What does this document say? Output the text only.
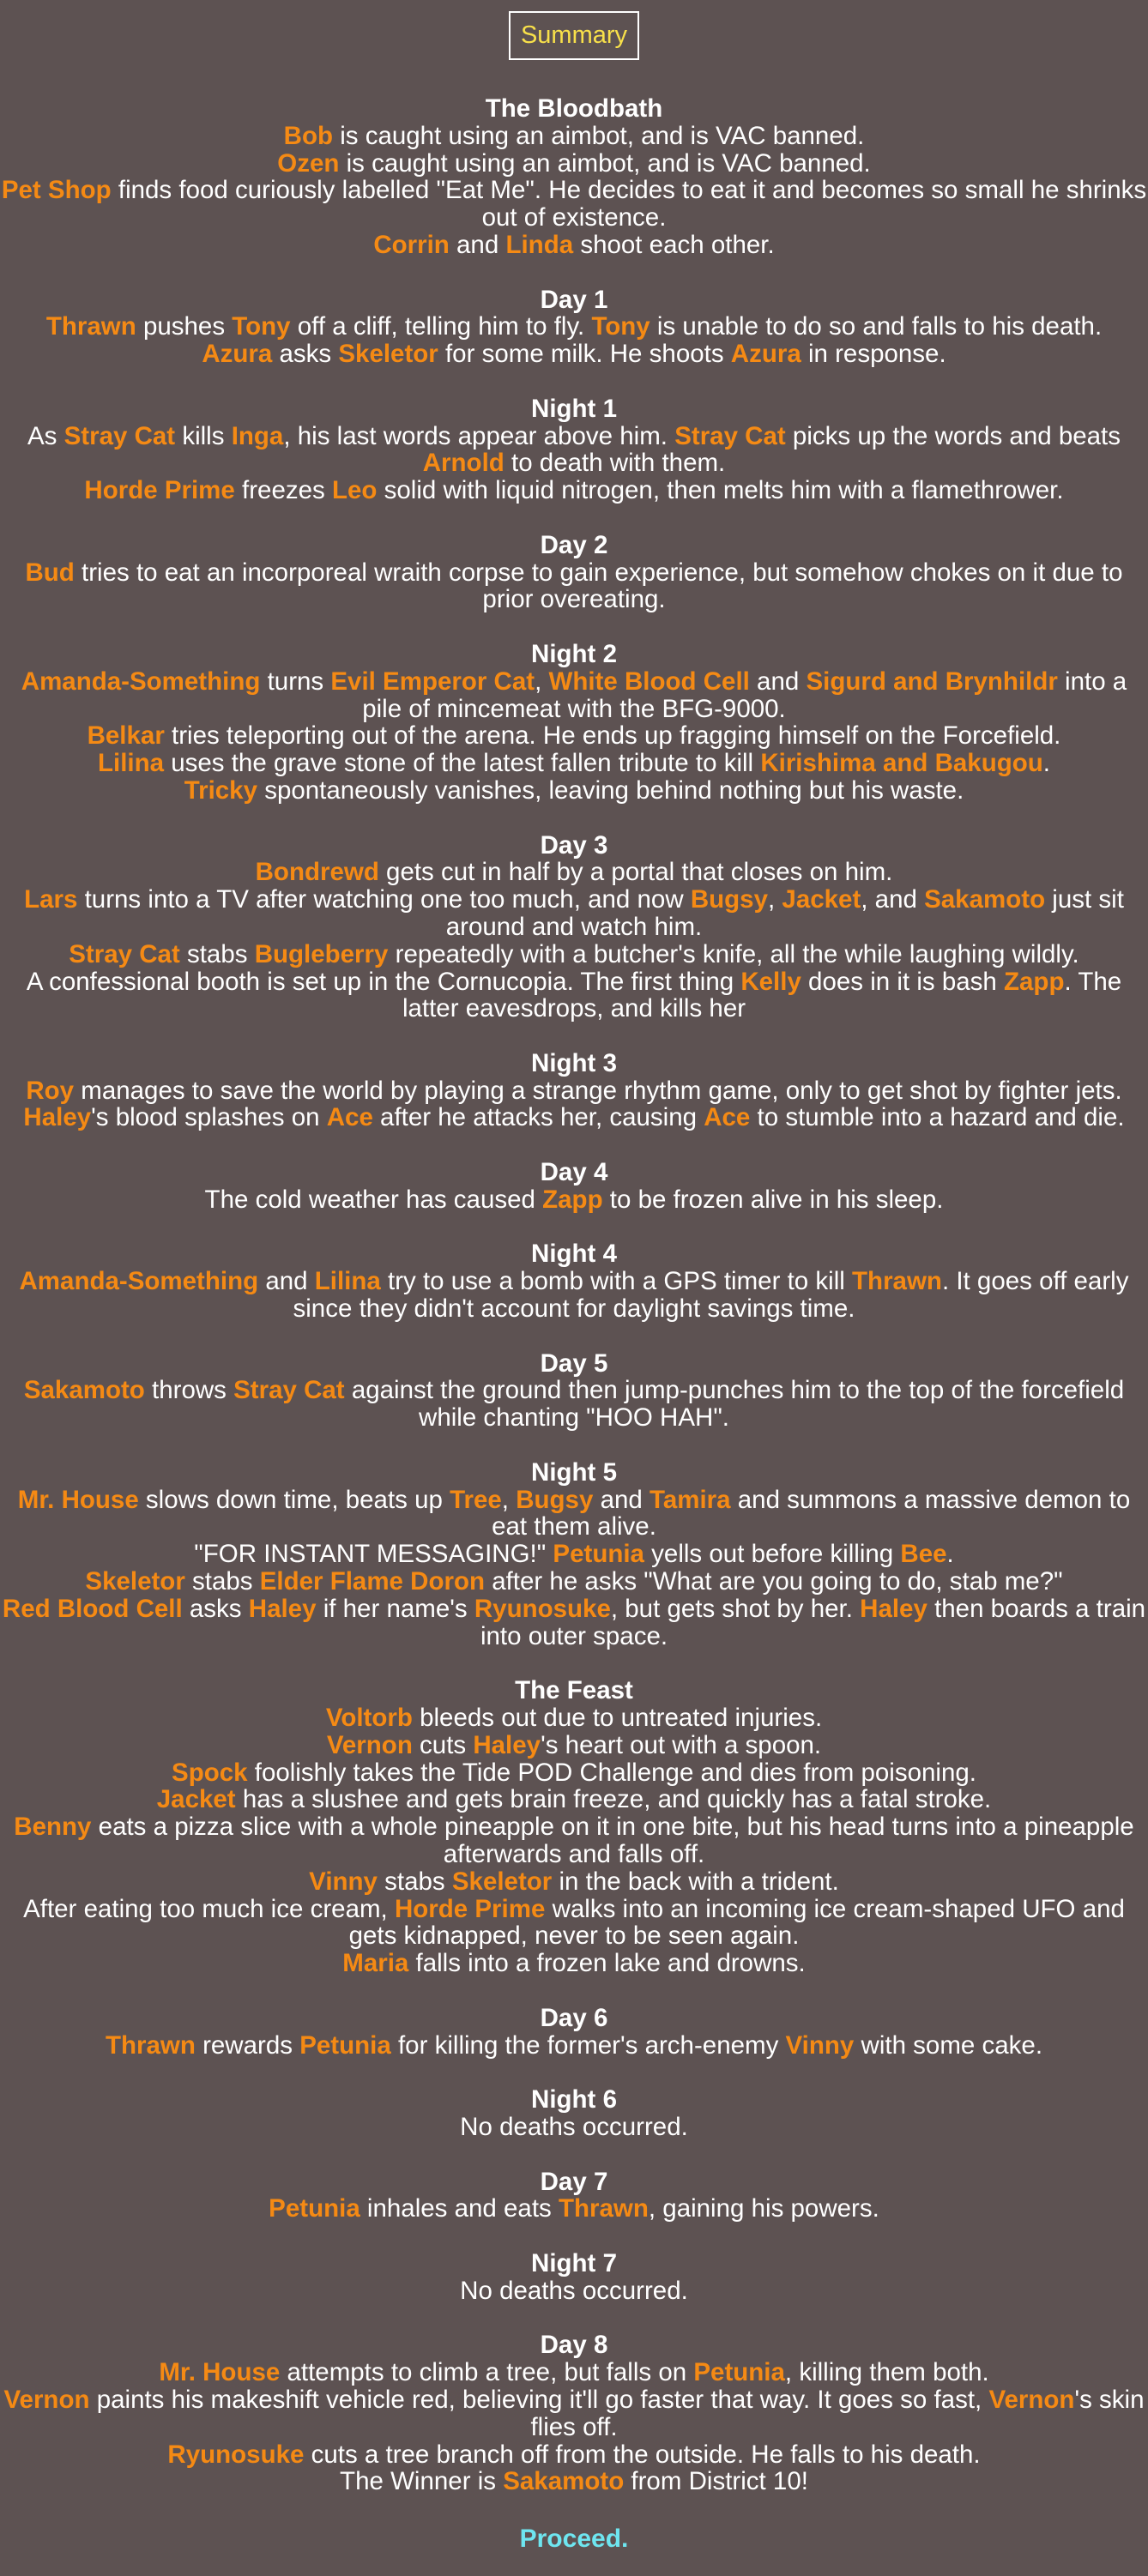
Summary
The Bloodbath
Bob is caught using an aimbot, and is VAC banned.
Ozen is caught using an aimbot, and is VAC banned.
Pet Shop finds food curiously labelled "Eat Me". He decides to eat it and becomes so small he shrinks out of existence.
Corrin and Linda shoot each other.
Day 1
Thrawn pushes Tony off a cliff, telling him to fly. Tony is unable to do so and falls to his death.
Azura asks Skeletor for some milk. He shoots Azura in response.
Night 1
As Stray Cat kills Inga, his last words appear above him. Stray Cat picks up the words and beats Arnold to death with them.
Horde Prime freezes Leo solid with liquid nitrogen, then melts him with a flamethrower.
Day 2
Bud tries to eat an incorporeal wraith corpse to gain experience, but somehow chokes on it due to prior overeating.
Night 2
Amanda-Something turns Evil Emperor Cat, White Blood Cell and Sigurd and Brynhildr into a pile of mincemeat with the BFG-9000.
Belkar tries teleporting out of the arena. He ends up fragging himself on the Forcefield.
Lilina uses the grave stone of the latest fallen tribute to kill Kirishima and Bakugou.
Tricky spontaneously vanishes, leaving behind nothing but his waste.
Day 3
Bondrewd gets cut in half by a portal that closes on him.
Lars turns into a TV after watching one too much, and now Bugsy, Jacket, and Sakamoto just sit around and watch him.
Stray Cat stabs Bugleberry repeatedly with a butcher's knife, all the while laughing wildly.
A confessional booth is set up in the Cornucopia. The first thing Kelly does in it is bash Zapp. The latter eavesdrops, and kills her
Night 3
Roy manages to save the world by playing a strange rhythm game, only to get shot by fighter jets.
Haley's blood splashes on Ace after he attacks her, causing Ace to stumble into a hazard and die.
Day 4
The cold weather has caused Zapp to be frozen alive in his sleep.
Night 4
Amanda-Something and Lilina try to use a bomb with a GPS timer to kill Thrawn. It goes off early since they didn't account for daylight savings time.
Day 5
Sakamoto throws Stray Cat against the ground then jump-punches him to the top of the forcefield while chanting "HOO HAH".
Night 5
Mr. House slows down time, beats up Tree, Bugsy and Tamira and summons a massive demon to eat them alive.
"FOR INSTANT MESSAGING!" Petunia yells out before killing Bee.
Skeletor stabs Elder Flame Doron after he asks "What are you going to do, stab me?"
Red Blood Cell asks Haley if her name's Ryunosuke, but gets shot by her. Haley then boards a train into outer space.
The Feast
Voltorb bleeds out due to untreated injuries.
Vernon cuts Haley's heart out with a spoon.
Spock foolishly takes the Tide POD Challenge and dies from poisoning.
Jacket has a slushee and gets brain freeze, and quickly has a fatal stroke.
Benny eats a pizza slice with a whole pineapple on it in one bite, but his head turns into a pineapple afterwards and falls off.
Vinny stabs Skeletor in the back with a trident.
After eating too much ice cream, Horde Prime walks into an incoming ice cream-shaped UFO and gets kidnapped, never to be seen again.
Maria falls into a frozen lake and drowns.
Day 6
Thrawn rewards Petunia for killing the former's arch-enemy Vinny with some cake.
Night 6
No deaths occurred.
Day 7
Petunia inhales and eats Thrawn, gaining his powers.
Night 7
No deaths occurred.
Day 8
Mr. House attempts to climb a tree, but falls on Petunia, killing them both.
Vernon paints his makeshift vehicle red, believing it'll go faster that way. It goes so fast, Vernon's skin flies off.
Ryunosuke cuts a tree branch off from the outside. He falls to his death.
The Winner is Sakamoto from District 10!
Proceed.
